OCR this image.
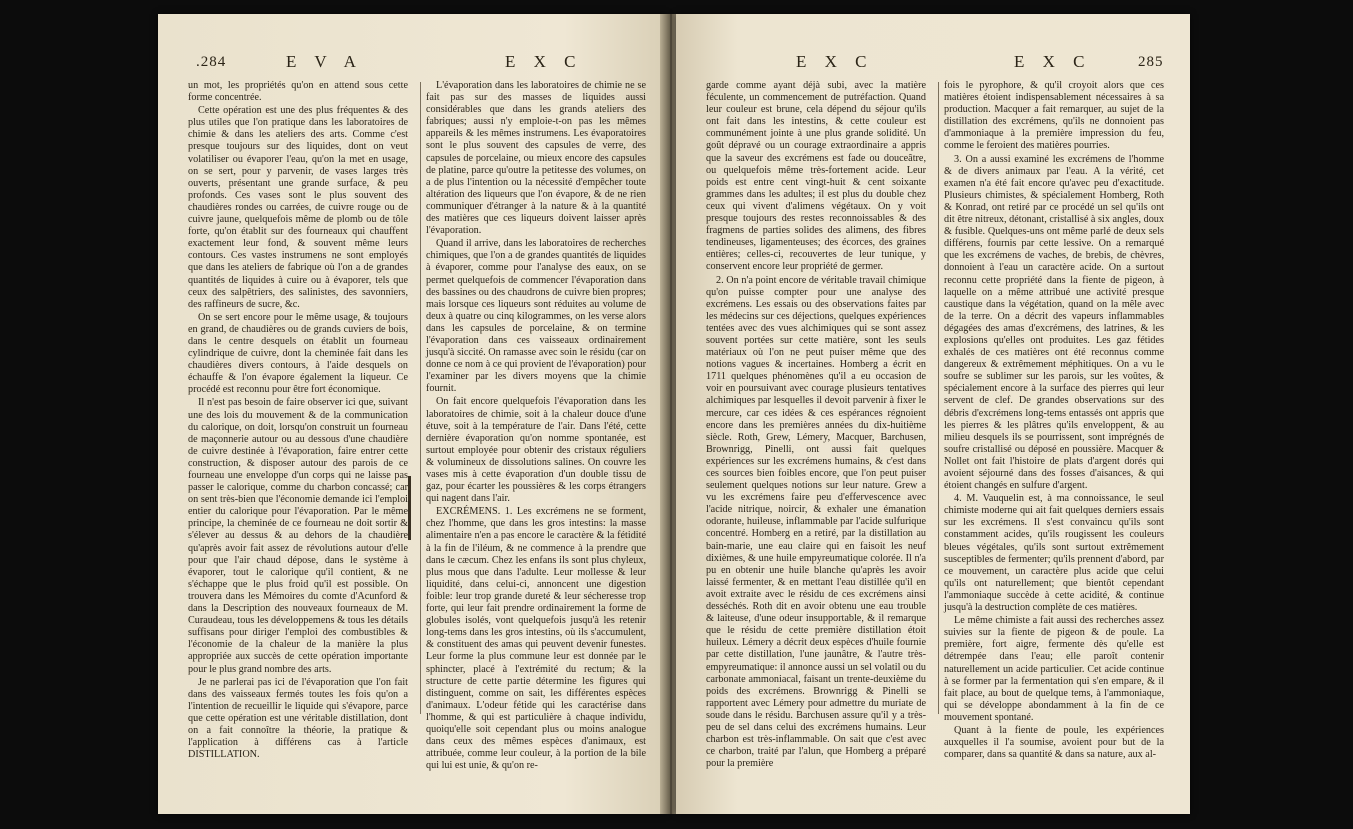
.284	E V A	E X C

un mot, les propriétés qu'on en attend sous cette forme concentrée.

Cette opération est une des plus fréquentes & des plus utiles que l'on pratique dans les laboratoires de chimie & dans les ateliers des arts. Comme c'est presque toujours sur des liquides, dont on veut volatiliser ou évaporer l'eau, qu'on la met en usage, on se sert, pour y parvenir, de vases larges très ouverts, présentant une grande surface, & peu profonds. Ces vases sont le plus souvent des chaudières rondes ou carrées, de cuivre rouge ou de cuivre jaune, quelquefois même de plomb ou de tôle forte, qu'on établit sur des fourneaux qui chauffent exactement leur fond, & souvent même leurs contours. Ces vastes instrumens ne sont employés que dans les ateliers de fabrique où l'on a de grandes quantités de liquides à cuire ou à évaporer, tels que ceux des salpêtriers, des salinistes, des savonniers, des raffineurs de sucre, &c.

On se sert encore pour le même usage, & toujours en grand, de chaudières ou de grands cuviers de bois, dans le centre desquels on établit un fourneau cylindrique de cuivre, dont la cheminée fait dans les chaudières divers contours, à l'aide desquels on échauffe & l'on évapore également la liqueur. Ce procédé est reconnu pour être fort économique.

Il n'est pas besoin de faire observer ici que, suivant une des lois du mouvement & de la communication du calorique, on doit, lorsqu'on construit un fourneau de maçonnerie autour ou au dessous d'une chaudière de cuivre destinée à l'évaporation, faire entrer cette construction, & disposer autour des parois de ce fourneau une enveloppe d'un corps qui ne laisse pas passer le calorique, comme du charbon concassé; car on sent très-bien que l'économie demande ici l'emploi entier du calorique pour l'évaporation. Par le même principe, la cheminée de ce fourneau ne doit sortir & s'élever au dessus & au dehors de la chaudière qu'après avoir fait assez de révolutions autour d'elle pour que l'air chaud dépose, dans le système à évaporer, tout le calorique qu'il contient, & ne s'échappe que le plus froid qu'il est possible. On trouvera dans les Mémoires du comte d'Acunford & dans la Description des nouveaux fourneaux de M. Curaudeau, tous les développemens & tous les détails suffisans pour diriger l'emploi des combustibles & l'économie de la chaleur de la manière la plus appropriée aux succès de cette opération importante pour le plus grand nombre des arts.

Je ne parlerai pas ici de l'évaporation que l'on fait dans des vaisseaux fermés toutes les fois qu'on a l'intention de recueillir le liquide qui s'évapore, parce que cette opération est une véritable distillation, dont on a fait connoître la théorie, la pratique & l'application à différens cas à l'article DISTILLATION.

L'évaporation dans les laboratoires de chimie ne se fait pas sur des masses de liquides aussi considérables que dans les grands ateliers des fabriques; aussi n'y emploie-t-on pas les mêmes appareils & les mêmes instrumens. Les évaporatoires sont le plus souvent des capsules de verre, des capsules de porcelaine, ou mieux encore des capsules de platine, parce qu'outre la petitesse des volumes, on a de plus l'intention ou la nécessité d'empêcher toute altération des liqueurs que l'on évapore, & de ne rien communiquer d'étranger à la nature & à la quantité des matières que ces liqueurs doivent laisser après l'évaporation.

Quand il arrive, dans les laboratoires de recherches chimiques, que l'on a de grandes quantités de liquides à évaporer, comme pour l'analyse des eaux, on se permet quelquefois de commencer l'évaporation dans des bassines ou des chaudrons de cuivre bien propres; mais lorsque ces liqueurs sont réduites au volume de deux à quatre ou cinq kilogrammes, on les verse alors dans les capsules de porcelaine, & on termine l'évaporation dans ces vaisseaux ordinairement jusqu'à siccité. On ramasse avec soin le résidu (car on donne ce nom à ce qui provient de l'évaporation) pour l'examiner par les divers moyens que la chimie fournit.

On fait encore quelquefois l'évaporation dans les laboratoires de chimie, soit à la chaleur douce d'une étuve, soit à la température de l'air. Dans l'été, cette dernière évaporation qu'on nomme spontanée, est surtout employée pour obtenir des cristaux réguliers & volumineux de dissolutions salines. On couvre les vases mis à cette évaporation d'un double tissu de gaz, pour écarter les poussières & les corps étrangers qui nagent dans l'air.

EXCRÉMENS. 1. Les excrémens ne se forment, chez l'homme, que dans les gros intestins: la masse alimentaire n'en a pas encore le caractère & la fétidité à la fin de l'iléum, & ne commence à la prendre que dans le cæcum. Chez les enfans ils sont plus chyleux, plus mous que dans l'adulte. Leur mollesse & leur liquidité, dans celui-ci, annoncent une digestion foible: leur trop grande dureté & leur sécheresse trop forte, qui leur fait prendre ordinairement la forme de globules isolés, vont quelquefois jusqu'à les retenir long-tems dans les gros intestins, où ils s'accumulent, & constituent des amas qui peuvent devenir funestes. Leur forme la plus commune leur est donnée par le sphincter, placé à l'extrémité du rectum; & la structure de cette partie détermine les figures qui distinguent, comme on sait, les différentes espèces d'animaux. L'odeur fétide qui les caractérise dans l'homme, & qui est particulière à chaque individu, quoiqu'elle soit cependant plus ou moins analogue dans ceux des mêmes espèces d'animaux, est attribuée, comme leur couleur, à la portion de la bile qui lui est unie, & qu'on re-

E X C	E X C	285

garde comme ayant déjà subi, avec la matière féculente, un commencement de putréfaction. Quand leur couleur est brune, cela dépend du séjour qu'ils ont fait dans les intestins, & cette couleur est communément jointe à une plus grande solidité. Un goût dépravé ou un courage extraordinaire a appris que la saveur des excrémens est fade ou douceâtre, ou quelquefois même très-fortement acide. Leur poids est entre cent vingt-huit & cent soixante grammes dans les adultes; il est plus du double chez ceux qui vivent d'alimens végétaux. On y voit presque toujours des restes reconnoissables & des fragmens de parties solides des alimens, des fibres tendineuses, ligamenteuses; des écorces, des graines entières; celles-ci, recouvertes de leur tunique, y conservent encore leur propriété de germer.

2. On n'a point encore de véritable travail chimique qu'on puisse compter pour une analyse des excrémens. Les essais ou des observations faites par les médecins sur ces déjections, quelques expériences tentées avec des vues alchimiques qui se sont assez souvent portées sur cette matière, sont les seuls matériaux où l'on ne peut puiser même que des notions vagues & incertaines. Homberg a écrit en 1711 quelques phénomènes qu'il a eu occasion de voir en poursuivant avec courage plusieurs tentatives alchimiques par lesquelles il devoit parvenir à fixer le mercure, car ces idées & ces espérances régnoient encore dans les premières années du dix-huitième siècle. Roth, Grew, Lémery, Macquer, Barchusen, Brownrigg, Pinelli, ont aussi fait quelques expériences sur les excrémens humains, & c'est dans ces sources bien foibles encore, que l'on peut puiser seulement quelques notions sur leur nature. Grew a vu les excrémens faire peu d'effervescence avec l'acide nitrique, noircir, & exhaler une émanation odorante, huileuse, inflammable par l'acide sulfurique concentré. Homberg en a retiré, par la distillation au bain-marie, une eau claire qui en faisoit les neuf dixièmes, & une huile empyreumatique colorée. Il n'a pu en obtenir une huile blanche qu'après les avoir laissé fermenter, & en mettant l'eau distillée qu'il en avoit extraite avec le résidu de ces excrémens ainsi desséchés. Roth dit en avoir obtenu une eau trouble & laiteuse, d'une odeur insupportable, & il remarque que le résidu de cette première distillation étoit huileux. Lémery a décrit deux espèces d'huile fournie par cette distillation, l'une jaunâtre, & l'autre très-empyreumatique: il annonce aussi un sel volatil ou du carbonate ammoniacal, faisant un trente-deuxième du poids des excrémens. Brownrigg & Pinelli se rapportent avec Lémery pour admettre du muriate de soude dans le résidu. Barchusen assure qu'il y a très-peu de sel dans celui des excrémens humains. Leur charbon est très-inflammable. On sait que c'est avec ce charbon, traité par l'alun, que Homberg a préparé pour la première

fois le pyrophore, & qu'il croyoit alors que ces matières étoient indispensablement nécessaires à sa production. Macquer a fait remarquer, au sujet de la distillation des excrémens, qu'ils ne donnoient pas d'ammoniaque à la première impression du feu, comme le feroient des matières pourries.

3. On a aussi examiné les excrémens de l'homme & de divers animaux par l'eau. A la vérité, cet examen n'a été fait encore qu'avec peu d'exactitude. Plusieurs chimistes, & spécialement Homberg, Roth & Konrad, ont retiré par ce procédé un sel qu'ils ont dit être nitreux, détonant, cristallisé à six angles, doux & fusible. Quelques-uns ont même parlé de deux sels différens, fournis par cette lessive. On a remarqué que les excrémens de vaches, de brebis, de chèvres, donnoient à l'eau un caractère acide. On a surtout reconnu cette propriété dans la fiente de pigeon, à laquelle on a même attribué une activité presque caustique dans la végétation, quand on la mêle avec de la terre. On a décrit des vapeurs inflammables dégagées des amas d'excrémens, des latrines, & les explosions qu'elles ont produites. Les gaz fétides exhalés de ces matières ont été reconnus comme dangereux & extrêmement méphitiques. On a vu le soufre se sublimer sur les parois, sur les voûtes, & spécialement encore à la surface des pierres qui leur servent de clef. De grandes observations sur des débris d'excrémens long-tems entassés ont appris que les pierres & les plâtres qu'ils enveloppent, & au milieu desquels ils se pourrissent, sont imprégnés de soufre cristallisé ou déposé en poussière. Macquer & Nollet ont fait l'histoire de plats d'argent dorés qui avoient séjourné dans des fosses d'aisances, & qui étoient changés en sulfure d'argent.

4. M. Vauquelin est, à ma connoissance, le seul chimiste moderne qui ait fait quelques derniers essais sur les excrémens. Il s'est convaincu qu'ils sont constamment acides, qu'ils rougissent les couleurs bleues végétales, qu'ils sont surtout extrêmement susceptibles de fermenter; qu'ils prennent d'abord, par ce mouvement, un caractère plus acide que celui qu'ils ont naturellement; que bientôt cependant l'ammoniaque succède à cette acidité, & continue jusqu'à la destruction complète de ces matières.

Le même chimiste a fait aussi des recherches assez suivies sur la fiente de pigeon & de poule. La première, fort aigre, fermente dès qu'elle est détrempée dans l'eau; elle paroît contenir naturellement un acide particulier. Cet acide continue à se former par la fermentation qui s'en empare, & il fait place, au bout de quelque tems, à l'ammoniaque, qui se développe abondamment à la fin de ce mouvement spontané.

Quant à la fiente de poule, les expériences auxquelles il l'a soumise, avoient pour but de la comparer, dans sa quantité & dans sa nature, aux al-
